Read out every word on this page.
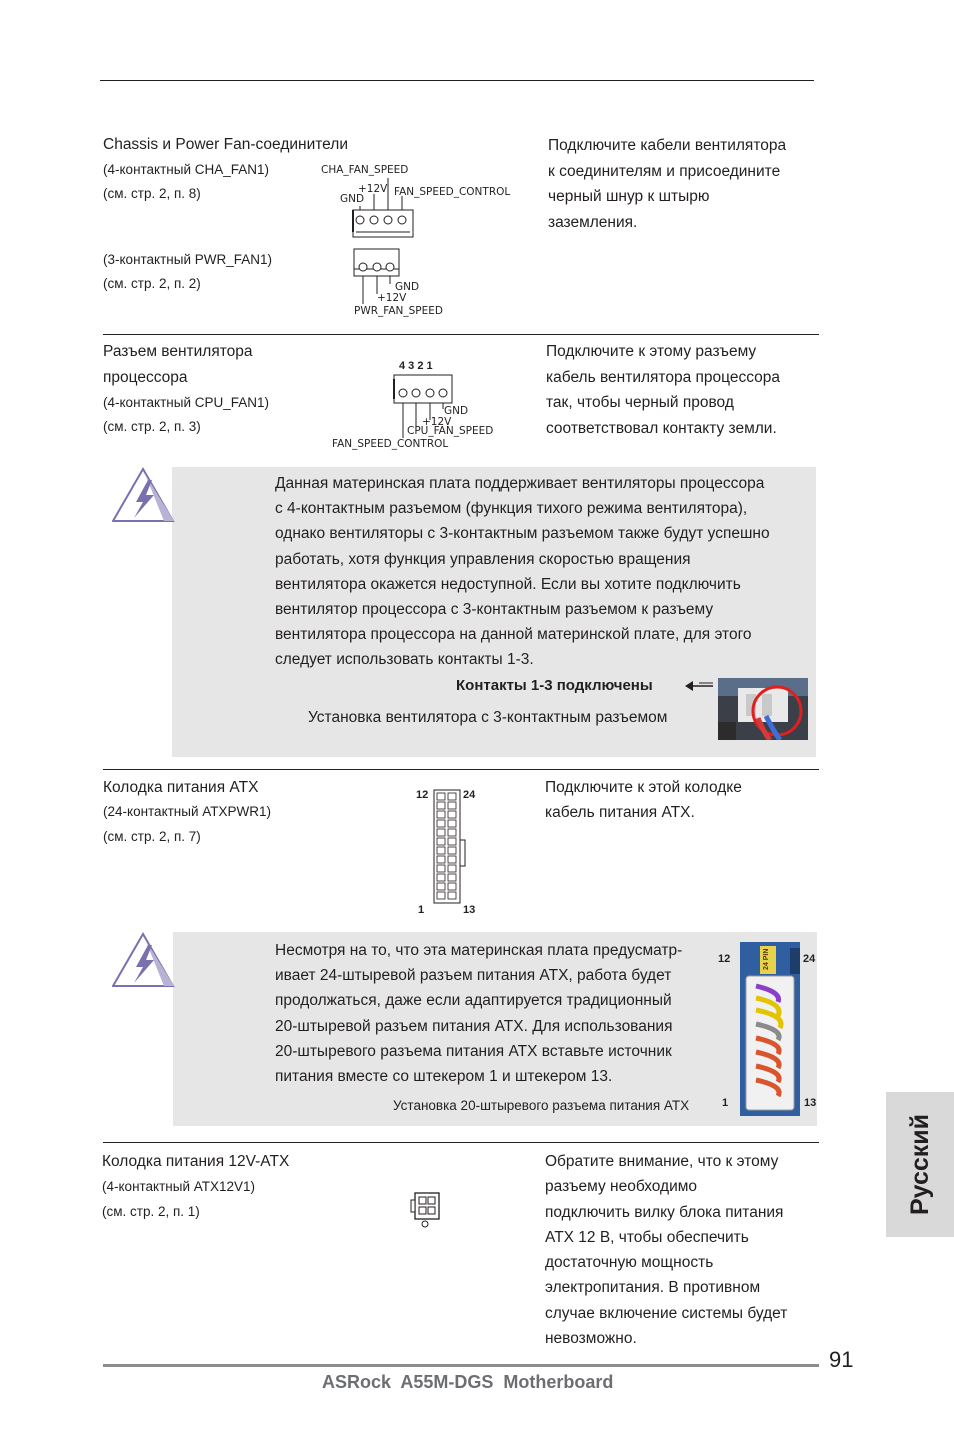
Chassis и Power Fan-соединители
(4-контактный CHA_FAN1)
(см. стр. 2, п. 8)
(3-контактный PWR_FAN1)
(см. стр. 2, п. 2)
CHA_FAN_SPEED
+12V FAN_SPEED_CONTROL
GND
GND
+12V
PWR_FAN_SPEED
Подключите кабели вентилятора
к соединителям и присоедините
черный шнур к штырю
заземления.
Разъем вентилятора
процессора
(4-контактный CPU_FAN1)
(см. стр. 2, п. 3)
4 3 2 1
GND
+12V
CPU_FAN_SPEED
FAN_SPEED_CONTROL
Подключите к этому разъему
кабель вентилятора процессора
так, чтобы черный провод
соответствовал контакту земли.
Данная материнская плата поддерживает вентиляторы процессора
с 4-контактным разъемом (функция тихого режима вентилятора),
однако вентиляторы с 3-контактным разъемом также будут успешно
работать, хотя функция управления скоростью вращения
вентилятора окажется недоступной. Если вы хотите подключить
вентилятор процессора с 3-контактным разъемом к разъему
вентилятора процессора на данной материнской плате, для этого
следует использовать контакты 1-3.
Контакты 1-3 подключены
Установка вентилятора с 3-контактным разъемом
Колодка питания ATX
(24-контактный ATXPWR1)
(см. стр. 2, п. 7)
12	24
1	13
Подключите к этой колодке
кабель питания ATX.
Несмотря на то, что эта материнская плата предусматр-
ивает 24-штыревой разъем питания ATX, работа будет
продолжаться, даже если адаптируется традиционный
20-штыревой разъем питания ATX. Для использования
20-штыревого разъема питания ATX вставьте источник
питания вместе со штекером 1 и штекером 13.
Установка 20-штыревого разъема питания ATX
24 PIN
12	24
1	13
Колодка питания 12V-ATX
(4-контактный ATX12V1)
(см. стр. 2, п. 1)
Обратите внимание, что к этому
разъему необходимо
подключить вилку блока питания
ATX 12 В, чтобы обеспечить
достаточную мощность
электропитания. В противном
случае включение системы будет
невозможно.
Русский
91
ASRock  A55M-DGS  Motherboard
